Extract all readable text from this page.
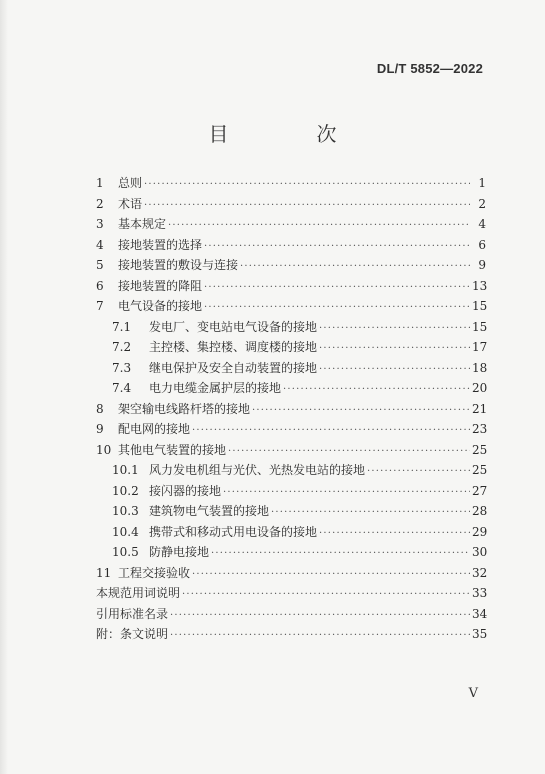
DL/T 5852—2022
目　次
1	总则 ·····	1
2	术语 ·····	2
3	基本规定 ·····	4
4	接地装置的选择 ·····	6
5	接地装置的敷设与连接 ·····	9
6	接地装置的降阻 ·····	13
7	电气设备的接地 ·····	15
7.1	发电厂、变电站电气设备的接地 ·····	15
7.2	主控楼、集控楼、调度楼的接地 ·····	17
7.3	继电保护及安全自动装置的接地 ·····	18
7.4	电力电缆金属护层的接地 ·····	20
8	架空输电线路杆塔的接地 ·····	21
9	配电网的接地 ·····	23
10 其他电气装置的接地 ·····	25
10.1 风力发电机组与光伏、光热发电站的接地 ·····	25
10.2 接闪器的接地 ·····	27
10.3 建筑物电气装置的接地 ·····	28
10.4 携带式和移动式用电设备的接地 ·····	29
10.5 防静电接地 ·····	30
11 工程交接验收 ·····	32
本规范用词说明 ·····	33
引用标准名录 ·····	34
附：条文说明 ·····	35
V
